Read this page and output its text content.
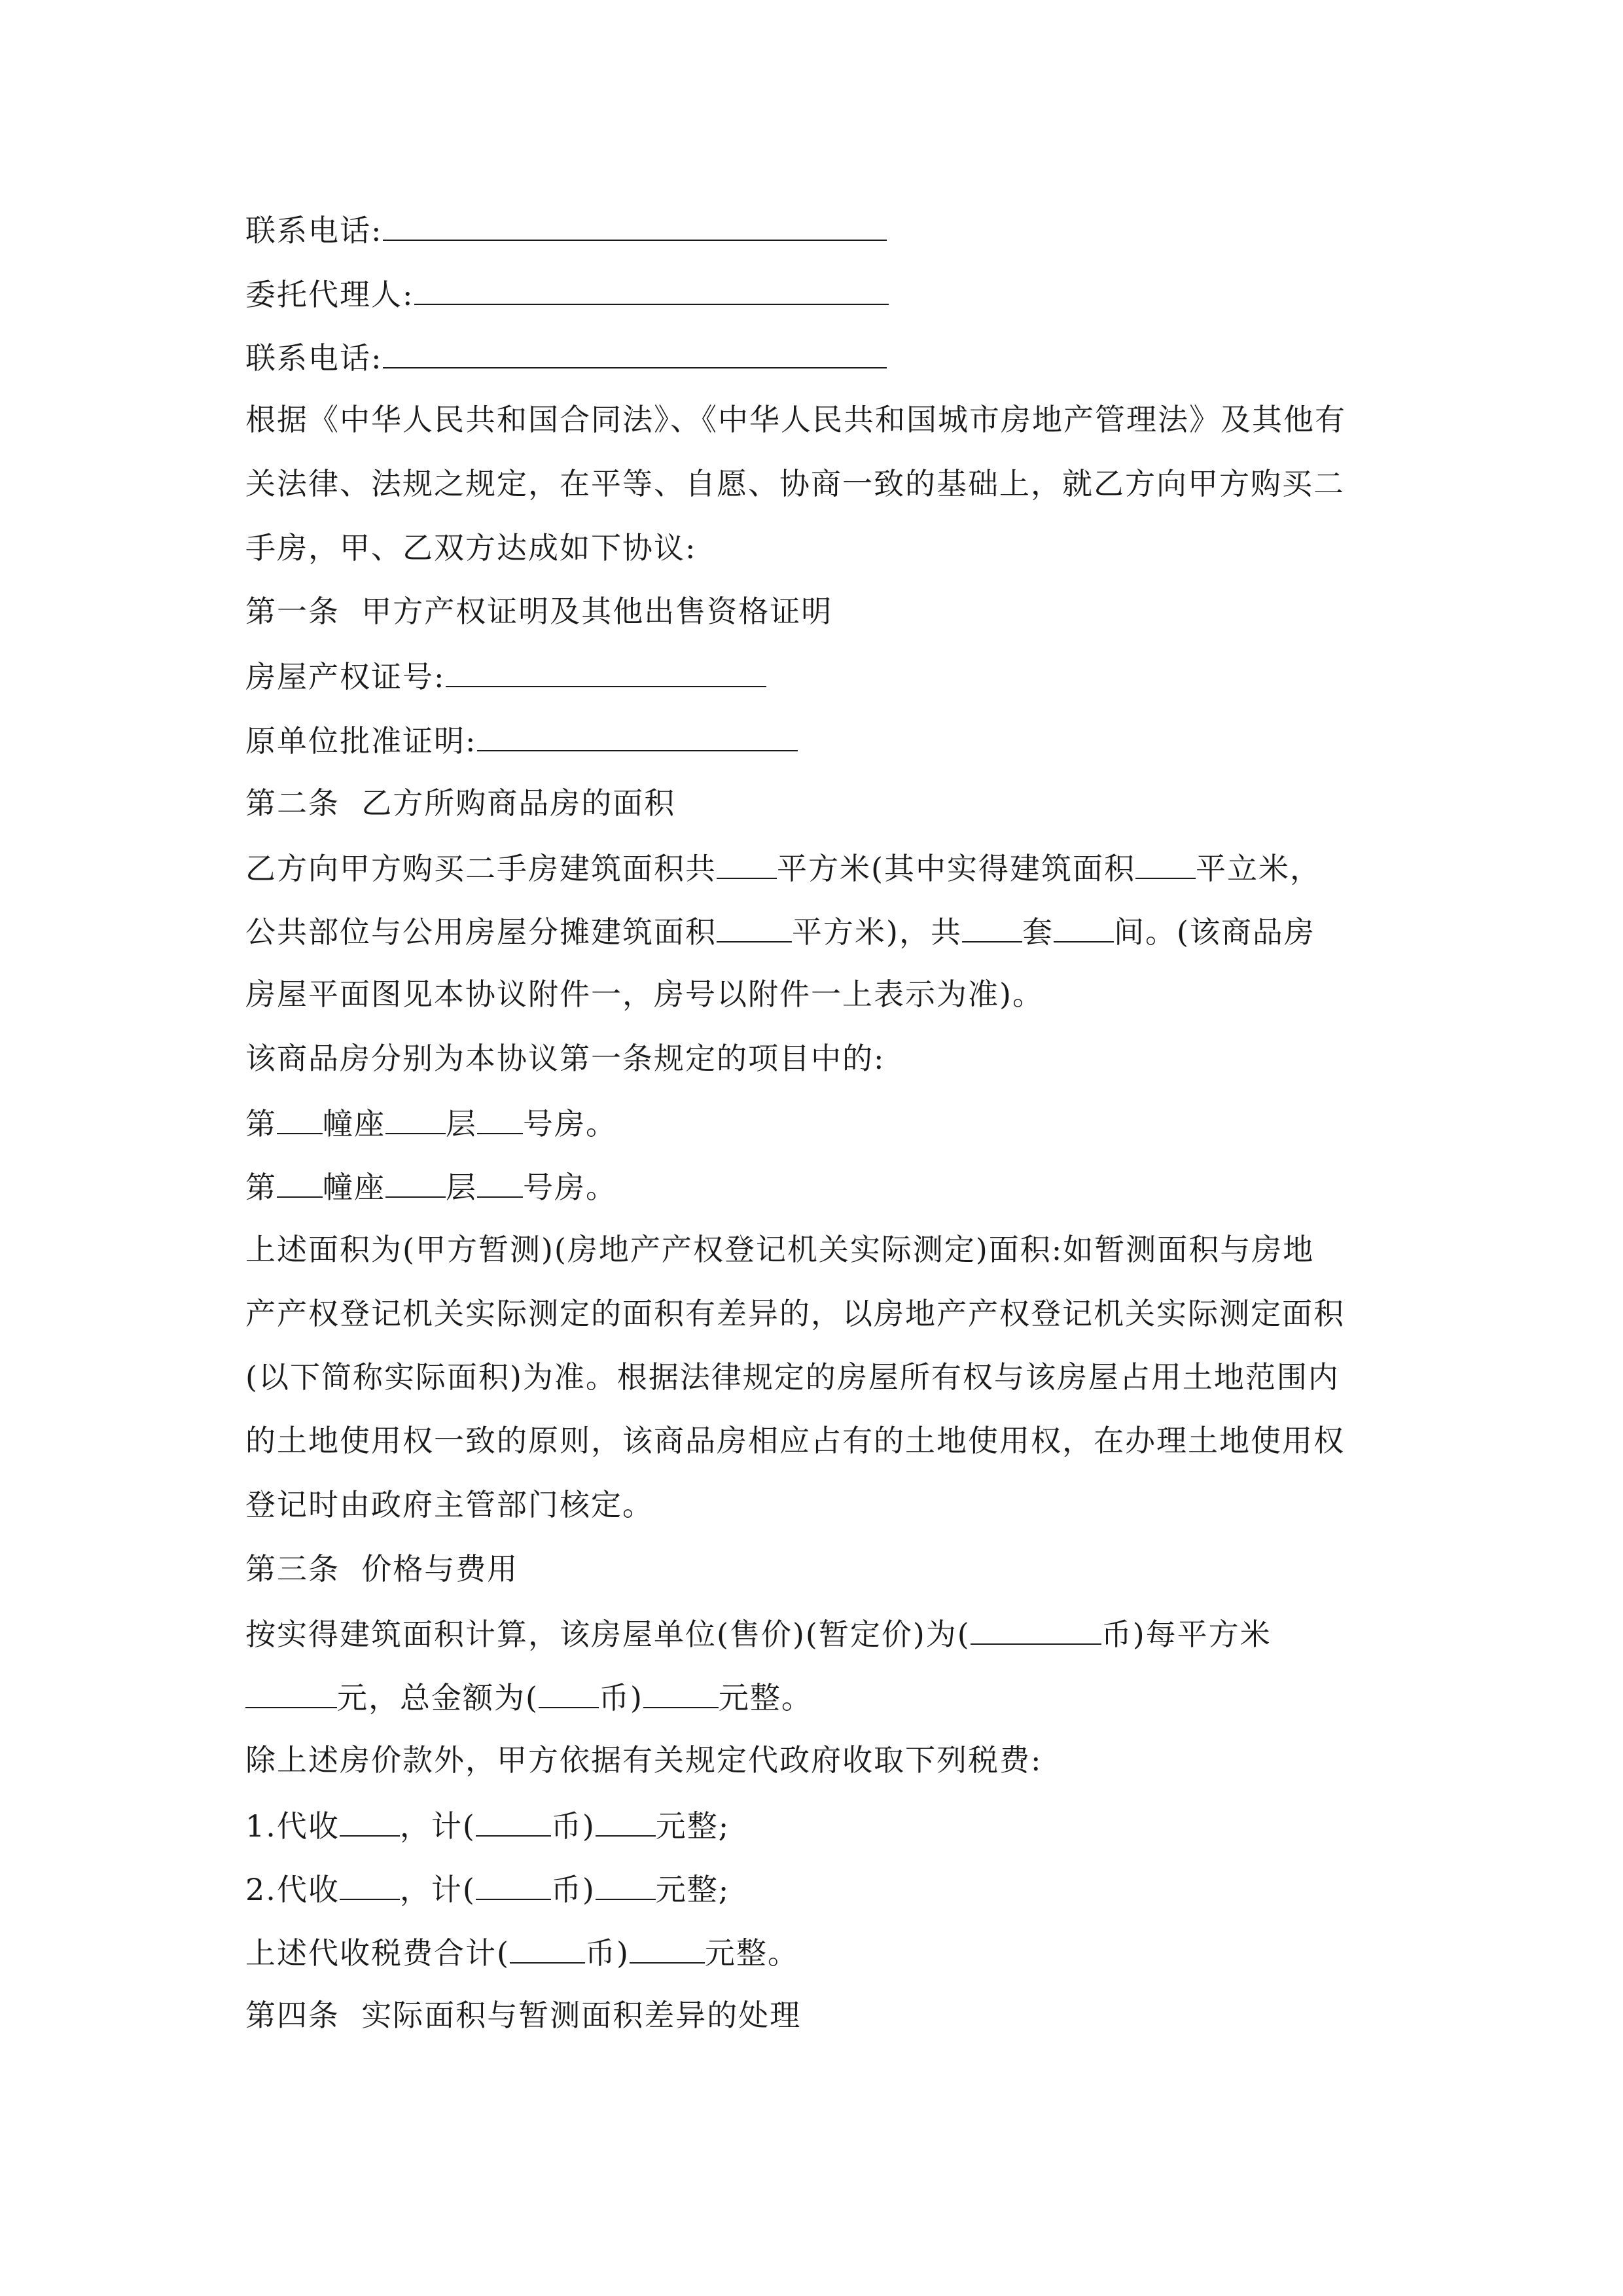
联系电话:
委托代理人:
联系电话:
根据《中华人民共和国合同法》、《中华人民共和国城市房地产管理法》及其他有
关法律、法规之规定，在平等、自愿、协商一致的基础上，就乙方向甲方购买二
手房，甲、乙双方达成如下协议:
第一条  甲方产权证明及其他出售资格证明
房屋产权证号:
原单位批准证明:
第二条  乙方所购商品房的面积
乙方向甲方购买二手房建筑面积共 平方米(其中实得建筑面积 平立米，
公共部位与公用房屋分摊建筑面积	平方米)，共 套 间。(该商品房
房屋平面图见本协议附件一，房号以附件一上表示为准)。
该商品房分别为本协议第一条规定的项目中的:
第 幢座 层 号房。
第 幢座 层 号房。
上述面积为(甲方暂测)(房地产产权登记机关实际测定)面积:如暂测面积与房地
产产权登记机关实际测定的面积有差异的，以房地产产权登记机关实际测定面积
(以下简称实际面积)为准。根据法律规定的房屋所有权与该房屋占用土地范围内
的土地使用权一致的原则，该商品房相应占有的土地使用权，在办理土地使用权
登记时由政府主管部门核定。
第三条  价格与费用
按实得建筑面积计算，该房屋单位(售价)(暂定价)为(	币)每平方米
元，总金额为( 币)	元整。
除上述房价款外，甲方依据有关规定代政府收取下列税费:
1.代收 ，计(	币) 元整;
2.代收 ，计(	币) 元整;
上述代收税费合计(	币)	元整。
第四条  实际面积与暂测面积差异的处理
